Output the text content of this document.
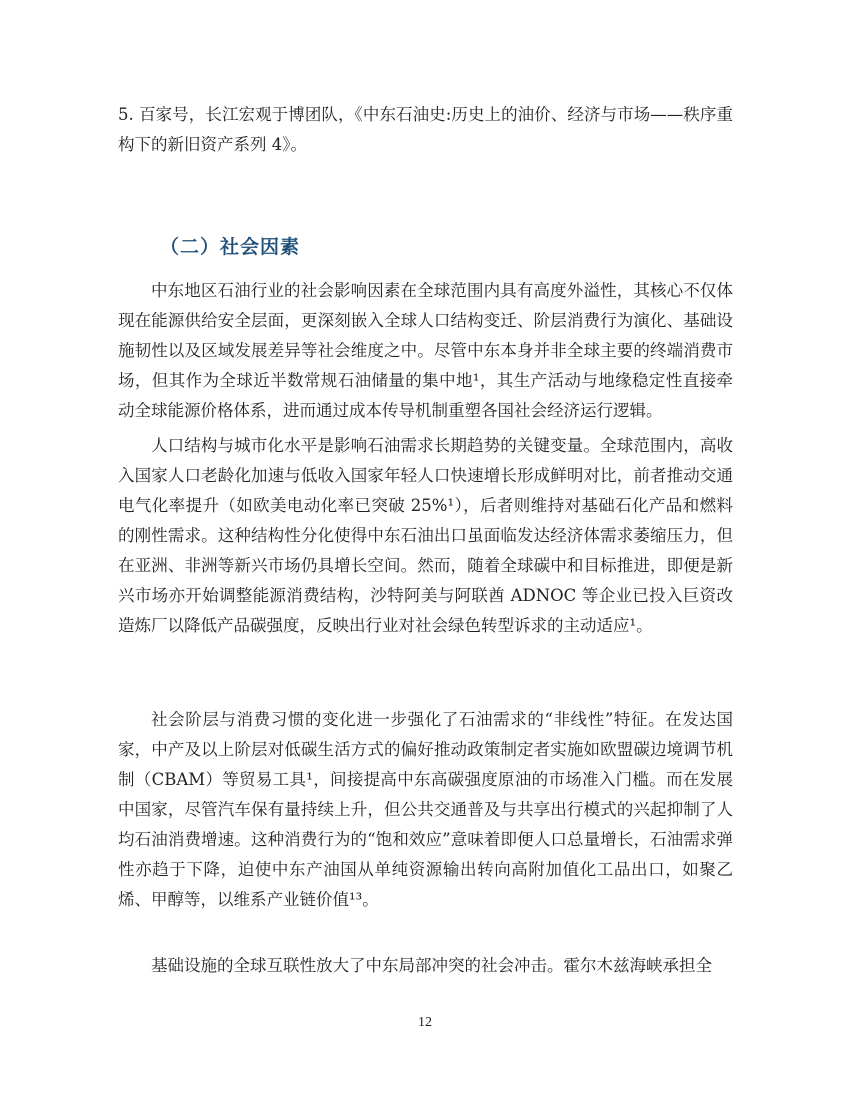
5. 百家号，长江宏观于博团队，《中东石油史:历史上的油价、经济与市场——秩序重构下的新旧资产系列 4》。
（二）社会因素

中东地区石油行业的社会影响因素在全球范围内具有高度外溢性，其核心不仅体现在能源供给安全层面，更深刻嵌入全球人口结构变迁、阶层消费行为演化、基础设施韧性以及区域发展差异等社会维度之中。尽管中东本身并非全球主要的终端消费市场，但其作为全球近半数常规石油储量的集中地¹，其生产活动与地缘稳定性直接牵动全球能源价格体系，进而通过成本传导机制重塑各国社会经济运行逻辑。

人口结构与城市化水平是影响石油需求长期趋势的关键变量。全球范围内，高收入国家人口老龄化加速与低收入国家年轻人口快速增长形成鲜明对比，前者推动交通电气化率提升（如欧美电动化率已突破 25%¹），后者则维持对基础石化产品和燃料的刚性需求。这种结构性分化使得中东石油出口虽面临发达经济体需求萎缩压力，但在亚洲、非洲等新兴市场仍具增长空间。然而，随着全球碳中和目标推进，即便是新兴市场亦开始调整能源消费结构，沙特阿美与阿联酋 ADNOC 等企业已投入巨资改造炼厂以降低产品碳强度，反映出行业对社会绿色转型诉求的主动适应¹。

社会阶层与消费习惯的变化进一步强化了石油需求的“非线性”特征。在发达国家，中产及以上阶层对低碳生活方式的偏好推动政策制定者实施如欧盟碳边境调节机制（CBAM）等贸易工具¹，间接提高中东高碳强度原油的市场准入门槛。而在发展中国家，尽管汽车保有量持续上升，但公共交通普及与共享出行模式的兴起抑制了人均石油消费增速。这种消费行为的“饱和效应”意味着即便人口总量增长，石油需求弹性亦趋于下降，迫使中东产油国从单纯资源输出转向高附加值化工品出口，如聚乙烯、甲醇等，以维系产业链价值¹³。

基础设施的全球互联性放大了中东局部冲突的社会冲击。霍尔木兹海峡承担全

12
